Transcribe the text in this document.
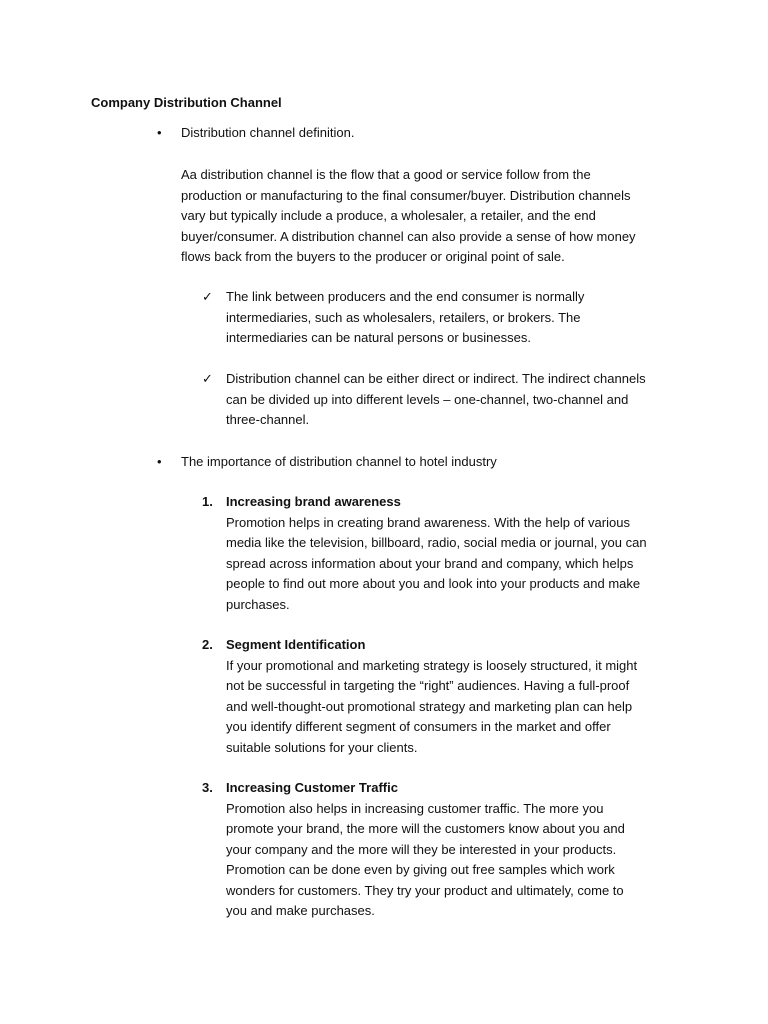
Company Distribution Channel
•	Distribution channel definition.
Aa distribution channel is the flow that a good or service follow from the
production or manufacturing to the final consumer/buyer. Distribution channels
vary but typically include a produce, a wholesaler, a retailer, and the end
buyer/consumer. A distribution channel can also provide a sense of how money
flows back from the buyers to the producer or original point of sale.
✓	The link between producers and the end consumer is normally
intermediaries, such as wholesalers, retailers, or brokers. The
intermediaries can be natural persons or businesses.
✓	Distribution channel can be either direct or indirect. The indirect channels
can be divided up into different levels – one-channel, two-channel and
three-channel.
•	The importance of distribution channel to hotel industry
1. Increasing brand awareness
Promotion helps in creating brand awareness. With the help of various
media like the television, billboard, radio, social media or journal, you can
spread across information about your brand and company, which helps
people to find out more about you and look into your products and make
purchases.
2. Segment Identification
If your promotional and marketing strategy is loosely structured, it might
not be successful in targeting the “right” audiences. Having a full-proof
and well-thought-out promotional strategy and marketing plan can help
you identify different segment of consumers in the market and offer
suitable solutions for your clients.
3. Increasing Customer Traffic
Promotion also helps in increasing customer traffic. The more you
promote your brand, the more will the customers know about you and
your company and the more will they be interested in your products.
Promotion can be done even by giving out free samples which work
wonders for customers. They try your product and ultimately, come to
you and make purchases.
